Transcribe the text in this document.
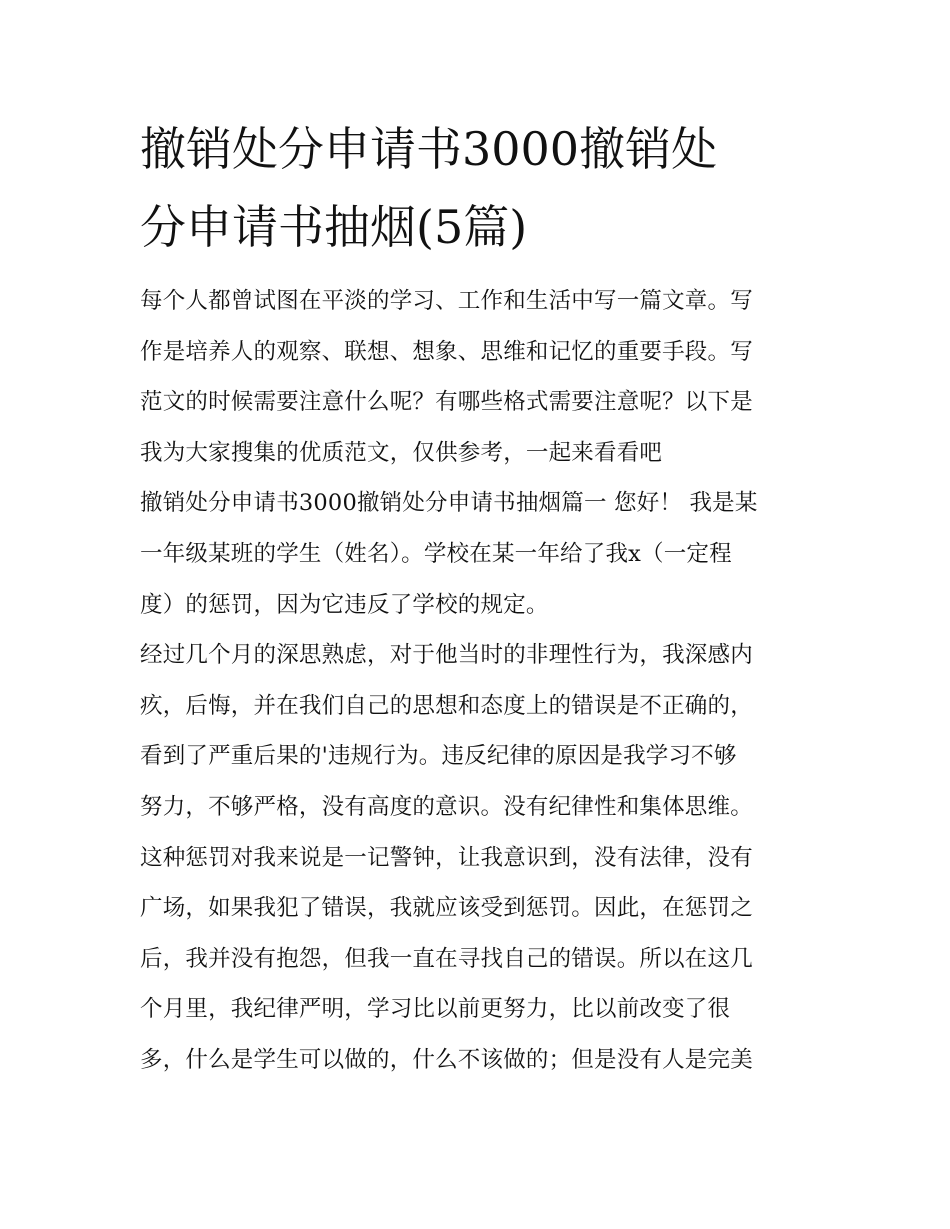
撤销处分申请书3000撤销处
分申请书抽烟(5篇)
每个人都曾试图在平淡的学习、工作和生活中写一篇文章。写
作是培养人的观察、联想、想象、思维和记忆的重要手段。写
范文的时候需要注意什么呢？有哪些格式需要注意呢？以下是
我为大家搜集的优质范文，仅供参考，一起来看看吧
撤销处分申请书3000撤销处分申请书抽烟篇一 您好！ 我是某
一年级某班的学生（姓名）。学校在某一年给了我x（一定程
度）的惩罚，因为它违反了学校的规定。
经过几个月的深思熟虑，对于他当时的非理性行为，我深感内
疚，后悔，并在我们自己的思想和态度上的错误是不正确的，
看到了严重后果的'违规行为。违反纪律的原因是我学习不够
努力，不够严格，没有高度的意识。没有纪律性和集体思维。
这种惩罚对我来说是一记警钟，让我意识到，没有法律，没有
广场，如果我犯了错误，我就应该受到惩罚。因此，在惩罚之
后，我并没有抱怨，但我一直在寻找自己的错误。所以在这几
个月里，我纪律严明，学习比以前更努力，比以前改变了很
多，什么是学生可以做的，什么不该做的；但是没有人是完美
